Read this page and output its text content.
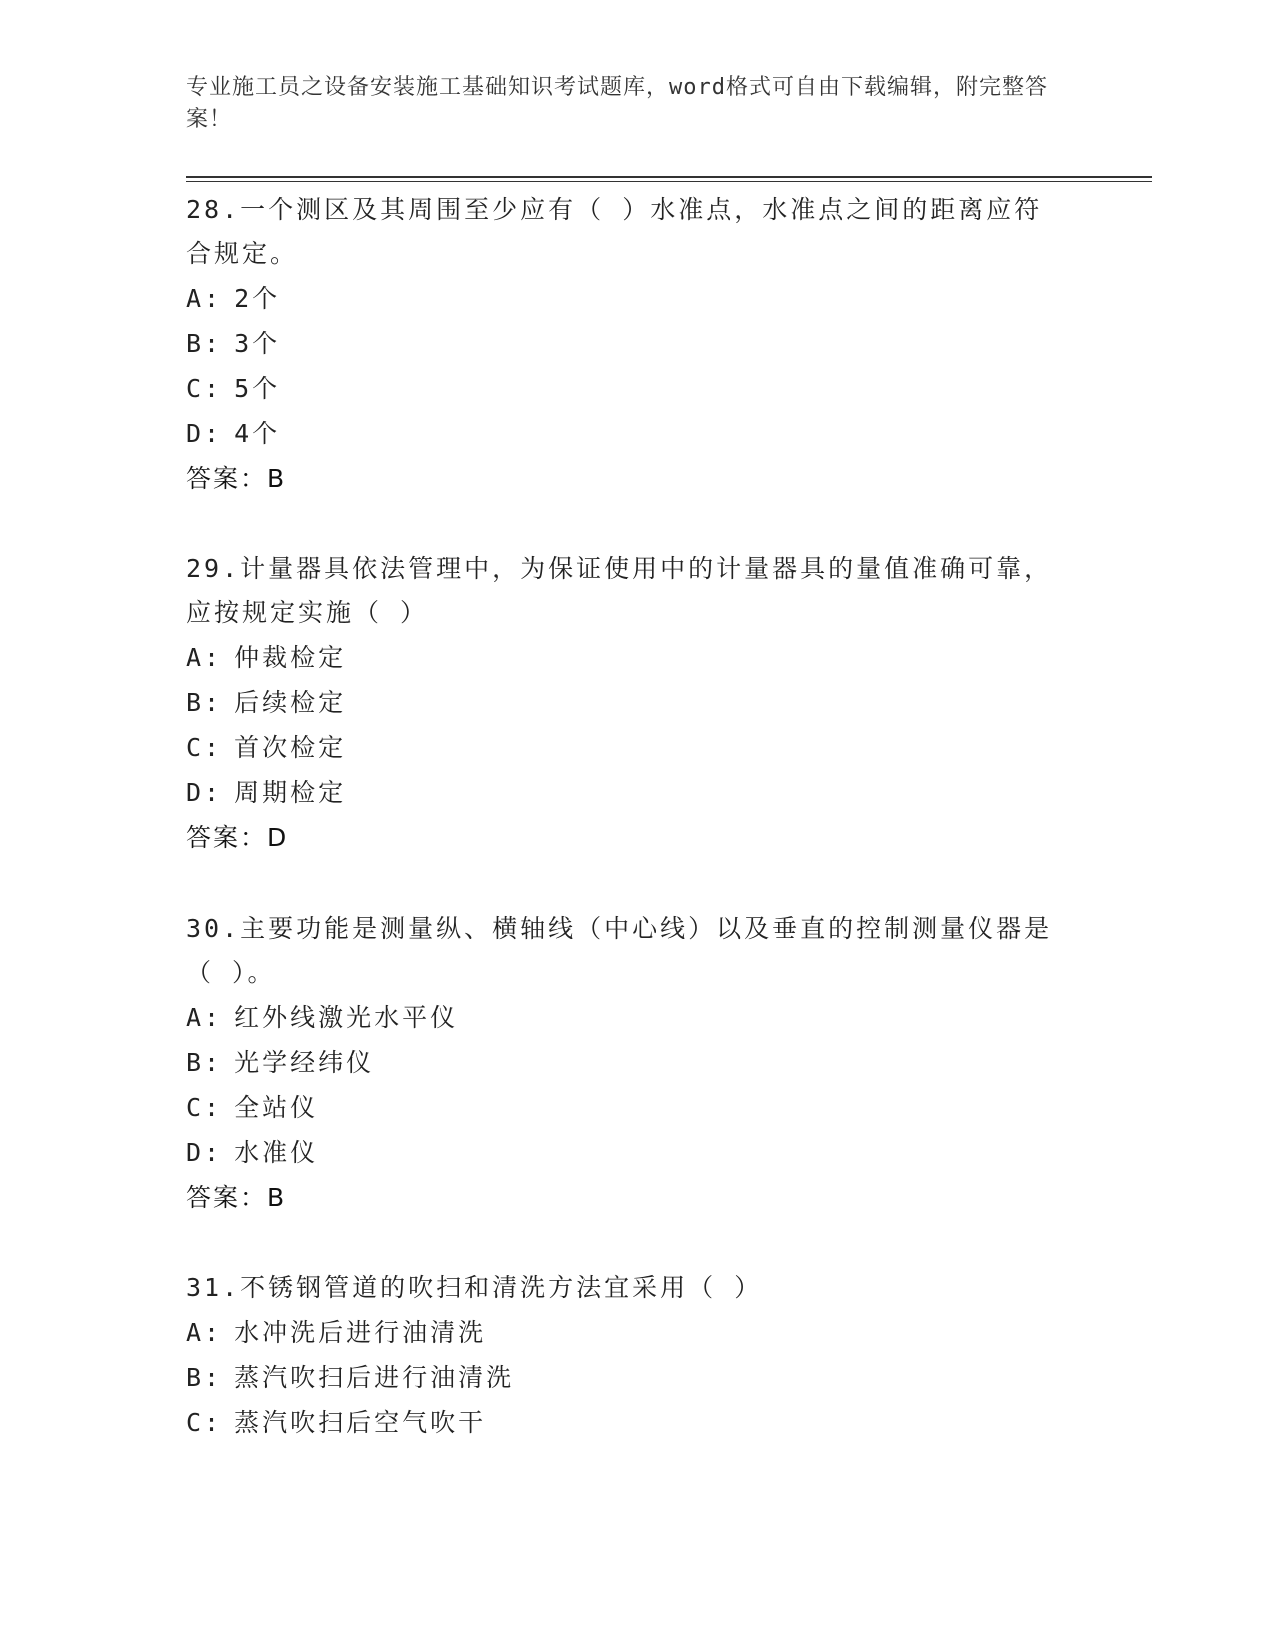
专业施工员之设备安装施工基础知识考试题库，word格式可自由下载编辑，附完整答案！
28.一个测区及其周围至少应有（ ）水准点，水准点之间的距离应符合规定。
A: 2个
B: 3个
C: 5个
D: 4个
答案：B
29.计量器具依法管理中，为保证使用中的计量器具的量值准确可靠，应按规定实施（ ）
A: 仲裁检定
B: 后续检定
C: 首次检定
D: 周期检定
答案：D
30.主要功能是测量纵、横轴线（中心线）以及垂直的控制测量仪器是（ ）。
A: 红外线激光水平仪
B: 光学经纬仪
C: 全站仪
D: 水准仪
答案：B
31.不锈钢管道的吹扫和清洗方法宜采用（ ）
A: 水冲洗后进行油清洗
B: 蒸汽吹扫后进行油清洗
C: 蒸汽吹扫后空气吹干
